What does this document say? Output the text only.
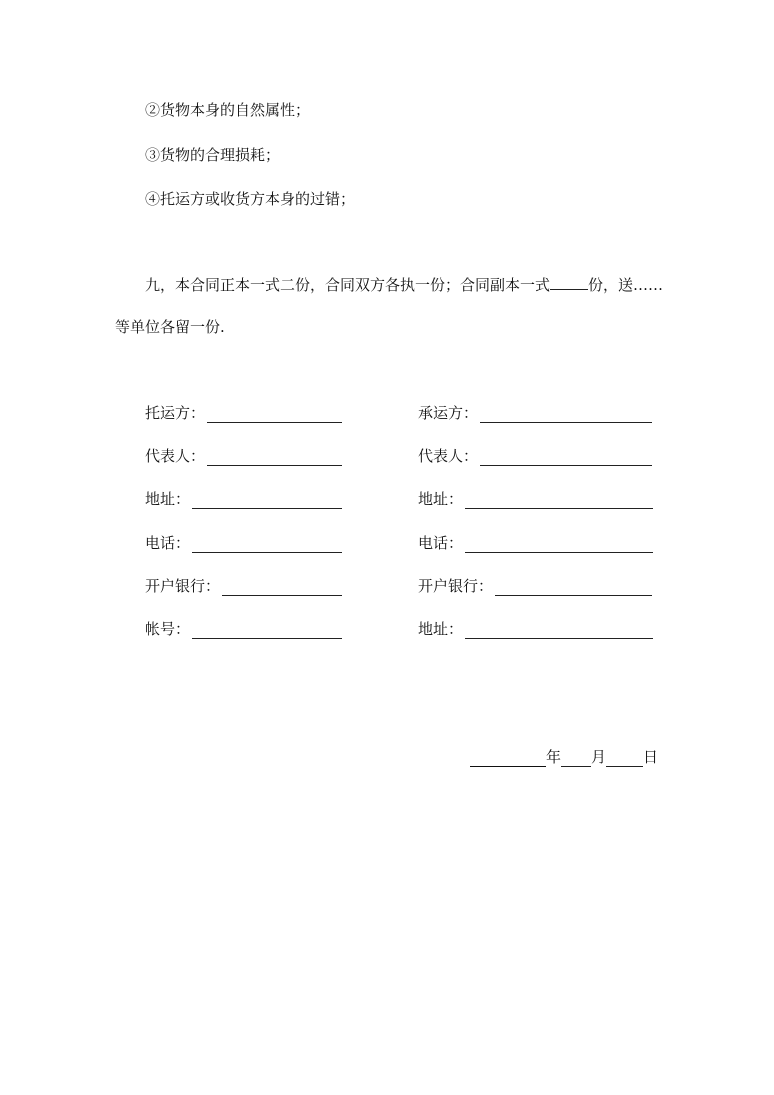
②货物本身的自然属性；
③货物的合理损耗；
④托运方或收货方本身的过错；
九，本合同正本一式二份，合同双方各执一份；合同副本一式	份，送……
等单位各留一份.
托运方：
代表人：
地址：
电话：
开户银行：
帐号：
承运方：
代表人：
地址：
电话：
开户银行：
地址：
年 月 日
